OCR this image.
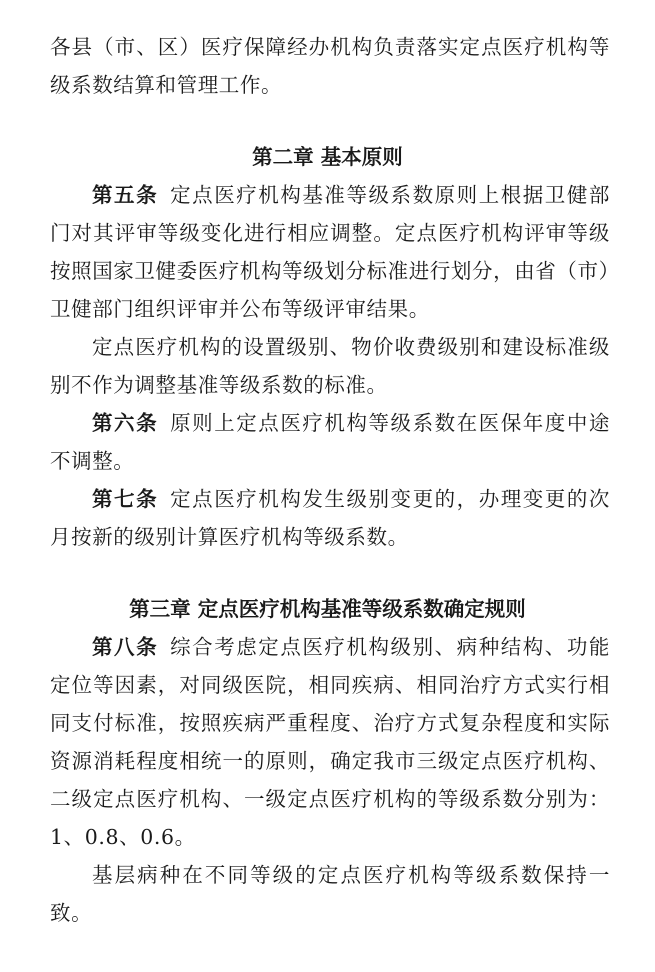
各县（市、区）医疗保障经办机构负责落实定点医疗机构等
级系数结算和管理工作。
第二章 基本原则
第五条 定点医疗机构基准等级系数原则上根据卫健部
门对其评审等级变化进行相应调整。定点医疗机构评审等级
按照国家卫健委医疗机构等级划分标准进行划分，由省（市）
卫健部门组织评审并公布等级评审结果。
定点医疗机构的设置级别、物价收费级别和建设标准级
别不作为调整基准等级系数的标准。
第六条 原则上定点医疗机构等级系数在医保年度中途
不调整。
第七条 定点医疗机构发生级别变更的，办理变更的次
月按新的级别计算医疗机构等级系数。
第三章 定点医疗机构基准等级系数确定规则
第八条 综合考虑定点医疗机构级别、病种结构、功能
定位等因素，对同级医院，相同疾病、相同治疗方式实行相
同支付标准，按照疾病严重程度、治疗方式复杂程度和实际
资源消耗程度相统一的原则，确定我市三级定点医疗机构、
二级定点医疗机构、一级定点医疗机构的等级系数分别为：
1、0.8、0.6。
基层病种在不同等级的定点医疗机构等级系数保持一
致。
